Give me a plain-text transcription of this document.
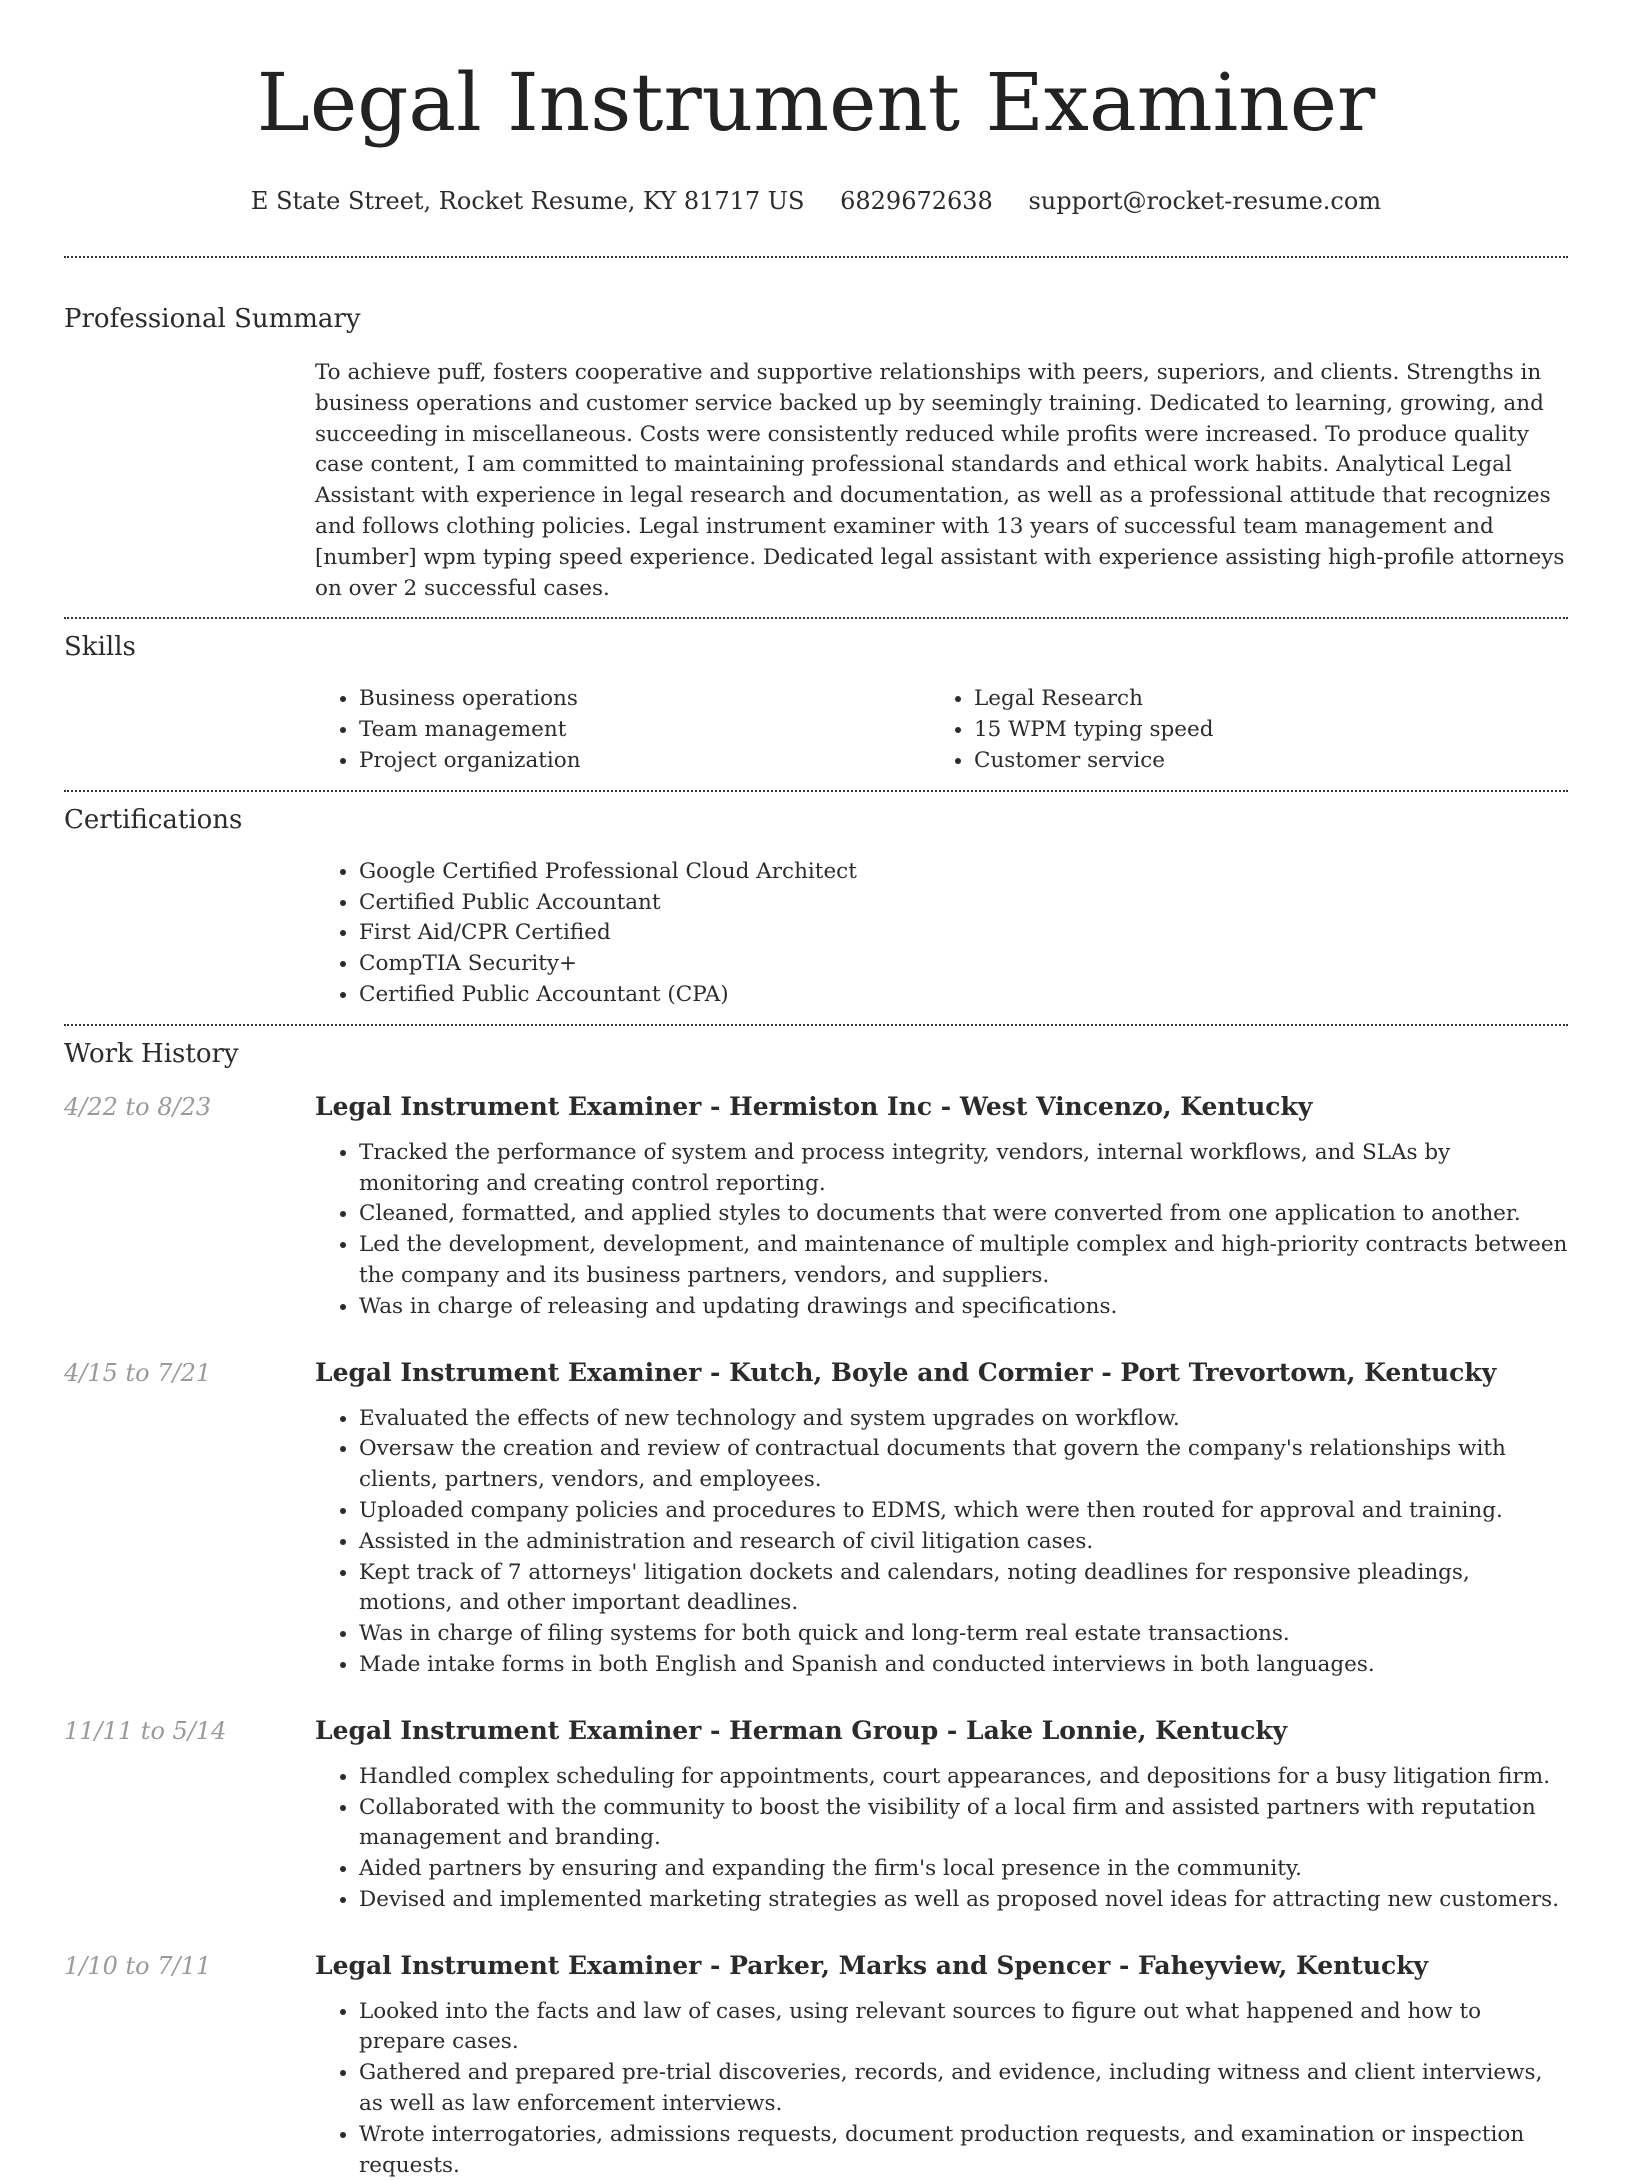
Legal Instrument Examiner
E State Street, Rocket Resume, KY 81717 US 6829672638 support@rocket-resume.com
Professional Summary

To achieve puff, fosters cooperative and supportive relationships with peers, superiors, and clients. Strengths in business operations and customer service backed up by seemingly training. Dedicated to learning, growing, and succeeding in miscellaneous. Costs were consistently reduced while profits were increased. To produce quality case content, I am committed to maintaining professional standards and ethical work habits. Analytical Legal Assistant with experience in legal research and documentation, as well as a professional attitude that recognizes and follows clothing policies. Legal instrument examiner with 13 years of successful team management and [number] wpm typing speed experience. Dedicated legal assistant with experience assisting high-profile attorneys on over 2 successful cases.

Skills
• Business operations
• Team management
• Project organization
• Legal Research
• 15 WPM typing speed
• Customer service
Certifications
• Google Certified Professional Cloud Architect
• Certified Public Accountant
• First Aid/CPR Certified
• CompTIA Security+
• Certified Public Accountant (CPA)
Work History
4/22 to 8/23	Legal Instrument Examiner - Hermiston Inc - West Vincenzo, Kentucky
• Tracked the performance of system and process integrity, vendors, internal workflows, and SLAs by monitoring and creating control reporting.
• Cleaned, formatted, and applied styles to documents that were converted from one application to another.
• Led the development, development, and maintenance of multiple complex and high-priority contracts between the company and its business partners, vendors, and suppliers.
• Was in charge of releasing and updating drawings and specifications.
4/15 to 7/21	Legal Instrument Examiner - Kutch, Boyle and Cormier - Port Trevortown, Kentucky
• Evaluated the effects of new technology and system upgrades on workflow.
• Oversaw the creation and review of contractual documents that govern the company's relationships with clients, partners, vendors, and employees.
• Uploaded company policies and procedures to EDMS, which were then routed for approval and training.
• Assisted in the administration and research of civil litigation cases.
• Kept track of 7 attorneys' litigation dockets and calendars, noting deadlines for responsive pleadings, motions, and other important deadlines.
• Was in charge of filing systems for both quick and long-term real estate transactions.
• Made intake forms in both English and Spanish and conducted interviews in both languages.
11/11 to 5/14	Legal Instrument Examiner - Herman Group - Lake Lonnie, Kentucky
• Handled complex scheduling for appointments, court appearances, and depositions for a busy litigation firm.
• Collaborated with the community to boost the visibility of a local firm and assisted partners with reputation management and branding.
• Aided partners by ensuring and expanding the firm's local presence in the community.
• Devised and implemented marketing strategies as well as proposed novel ideas for attracting new customers.
1/10 to 7/11	Legal Instrument Examiner - Parker, Marks and Spencer - Faheyview, Kentucky
• Looked into the facts and law of cases, using relevant sources to figure out what happened and how to prepare cases.
• Gathered and prepared pre-trial discoveries, records, and evidence, including witness and client interviews, as well as law enforcement interviews.
• Wrote interrogatories, admissions requests, document production requests, and examination or inspection requests.
